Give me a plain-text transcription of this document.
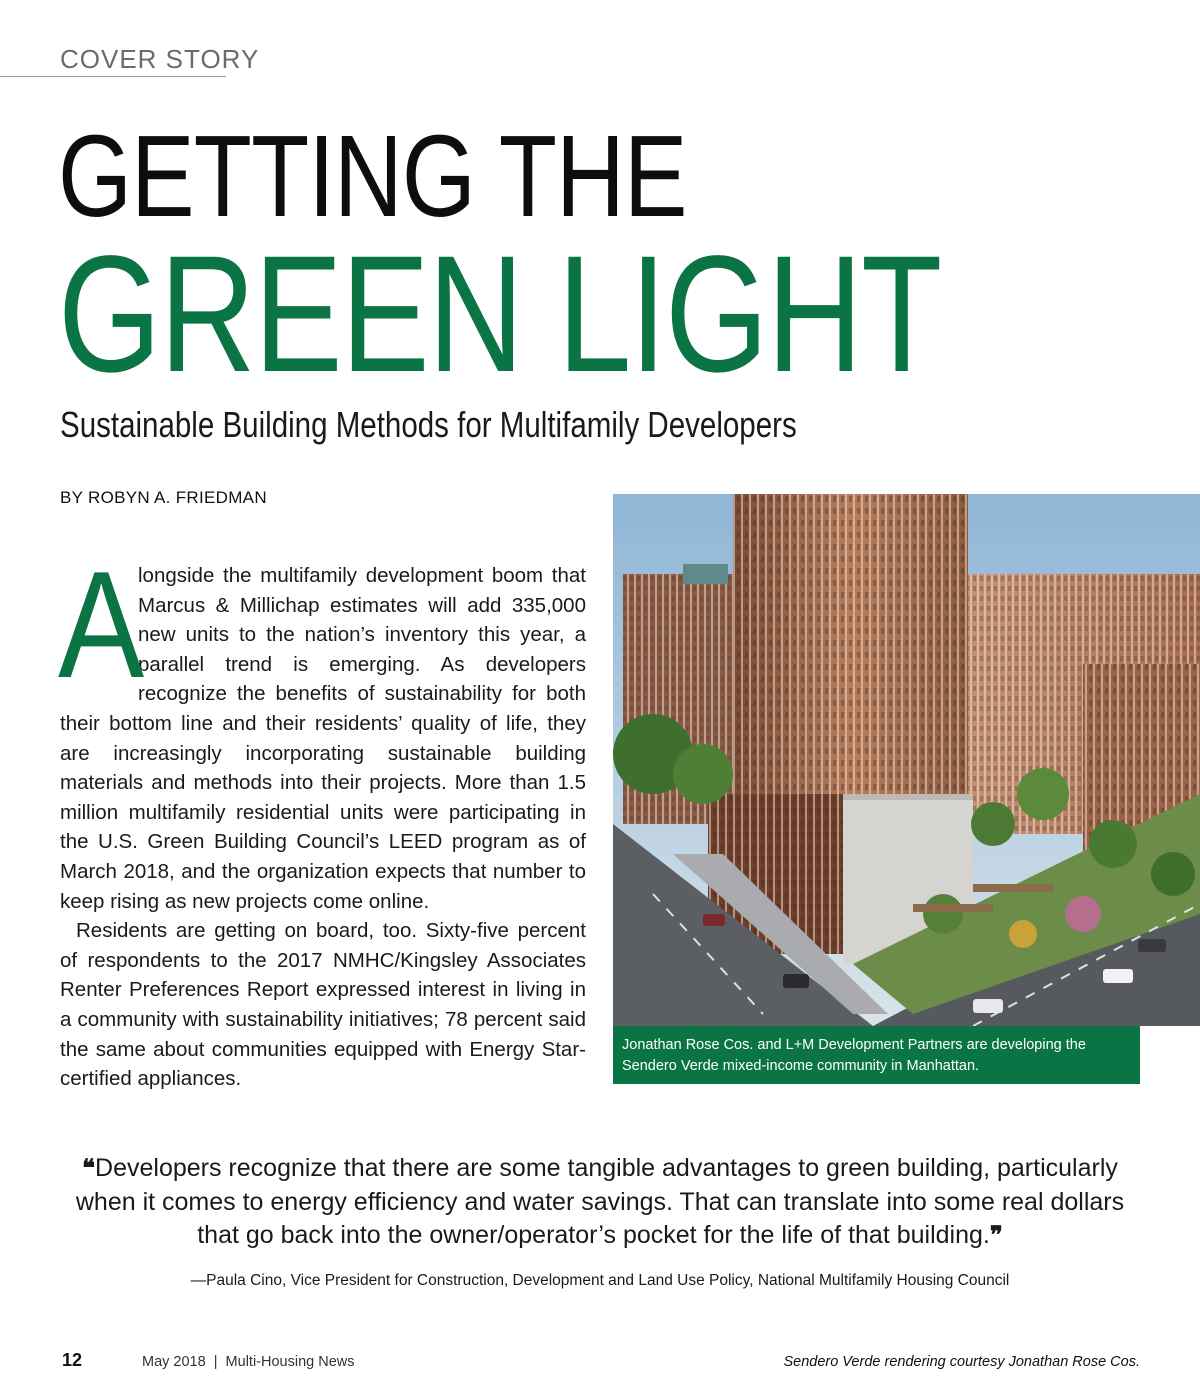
COVER STORY
GETTING THE
GREEN LIGHT
Sustainable Building Methods for Multifamily Developers
BY ROBYN A. FRIEDMAN

A
longside the multifamily development boom that Marcus & Millichap estimates will add 335,000 new units to the nation’s inventory this year, a parallel trend is emerging. As developers recognize the benefits of sustainability for both their bottom line and their residents’ quality of life, they are increasingly incorporating sustainable building materials and methods into their projects. More than 1.5 million multifamily residential units were participating in the U.S. Green Building Council’s LEED program as of March 2018, and the organization expects that number to keep rising as new projects come online.

Residents are getting on board, too. Sixty-five percent of respondents to the 2017 NMHC/Kingsley Associates Renter Preferences Report expressed interest in living in a community with sustainability initiatives; 78 percent said the same about communities equipped with Energy Star-certified appliances.

Jonathan Rose Cos. and L+M Development Partners are developing the Sendero Verde mixed-income community in Manhattan.
❝Developers recognize that there are some tangible advantages to green building, particularly when it comes to energy efficiency and water savings. That can translate into some real dollars that go back into the owner/operator’s pocket for the life of that building.❞
—Paula Cino, Vice President for Construction, Development and Land Use Policy, National Multifamily Housing Council
12	May 2018  |  Multi-Housing News	Sendero Verde rendering courtesy Jonathan Rose Cos.
